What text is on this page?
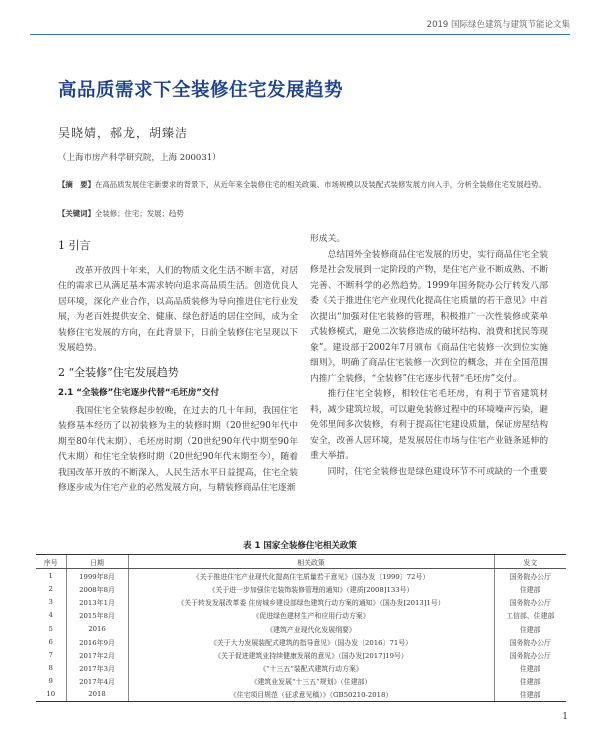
2019 国际绿色建筑与建筑节能论文集
高品质需求下全装修住宅发展趋势
吴晓婧，郝龙，胡臻洁
（上海市房产科学研究院，上海 200031）
【摘　要】在高品质发展住宅新要求的背景下，从近年来全装修住宅的相关政策、市场规模以及装配式装修发展方向入手，分析全装修住宅发展趋势。
【关键词】全装修；住宅；发展；趋势
1 引言

改革开放四十年来，人们的物质文化生活不断丰富，对居住的需求已从满足基本需求转向追求高品质生活。创造优良人居环境，深化产业合作，以高品质装修为导向推进住宅行业发展，为老百姓提供安全、健康、绿色舒适的居住空间，成为全装修住宅发展的方向，在此背景下，日前全装修住宅呈现以下发展趋势。

2 “全装修”住宅发展趋势
2.1 “全装修”住宅逐步代替“毛坯房”交付

我国住宅全装修起步较晚，在过去的几十年间，我国住宅装修基本经历了以初装修为主的装修时期（20世纪90年代中期至80年代末期）、毛坯房时期（20世纪90年代中期至90年代末期）和住宅全装修时期（20世纪90年代末期至今），随着我国改革开放的不断深入，人民生活水平日益提高，住宅全装修逐步成为住宅产业的必然发展方向，与精装修商品住宅逐渐

形成关。

总结国外全装修商品住宅发展的历史，实行商品住宅全装修是社会发展到一定阶段的产物，是住宅产业不断成熟、不断完善、不断科学的必然趋势。1999年国务院办公厅转发八部委《关于推进住宅产业现代化提高住宅质量的若干意见》中首次提出“加强对住宅装修的管理，积极推广一次性装修或菜单式装修模式，避免二次装修造成的破坏结构、浪费和扰民等现象”。建设部于2002年7月颁布《商品住宅装修一次到位实施细则》，明确了商品住宅装修一次到位的概念，并在全国范围内推广全装修，“全装修”住宅逐步代替“毛坯房”交付。

推行住宅全装修，相较住宅毛坯房，有利于节省建筑材料，减少建筑垃圾，可以避免装修过程中的环境噪声污染，避免邻里间多次装修，有利于提高住宅建设质量，保证房屋结构安全，改善人居环境，是发展居住市场与住宅产业链条延伸的重大举措。

同时，住宅全装修也是绿色建设环节不可或缺的一个重要

表 1 国家全装修住宅相关政策
序号	日期	相关政策	发文
1	1999年8月	《关于推进住宅产业现代化提高住宅质量若干意见》（国办发〔1999〕72号）	国务院办公厅
2	2008年8月	《关于进一步加强住宅装饰装修管理的通知》（建质[2008]133号）	住建部
3	2013年1月	《关于转发发展改革委 住房城乡建设部绿色建筑行动方案的通知》（国办发[2013]1号）	国务院办公厅
4	2015年8月	《促进绿色建材生产和应用行动方案》	工信部、住建部
5	2016	《建筑产业现代化发展纲要》	住建部
6	2016年9月	《关于大力发展装配式建筑的指导意见》（国办发〔2016〕71号）	国务院办公厅
7	2017年2月	《关于促进建筑业持续健康发展的意见》（国办发[2017]19号）	国务院办公厅
8	2017年3月	《“十三五”装配式建筑行动方案》	住建部
9	2017年4月	《建筑业发展“十三五”规划》（住建部）	住建部
10	2018	《住宅项目规范（征求意见稿）》（GB50210-2018）	住建部
1
